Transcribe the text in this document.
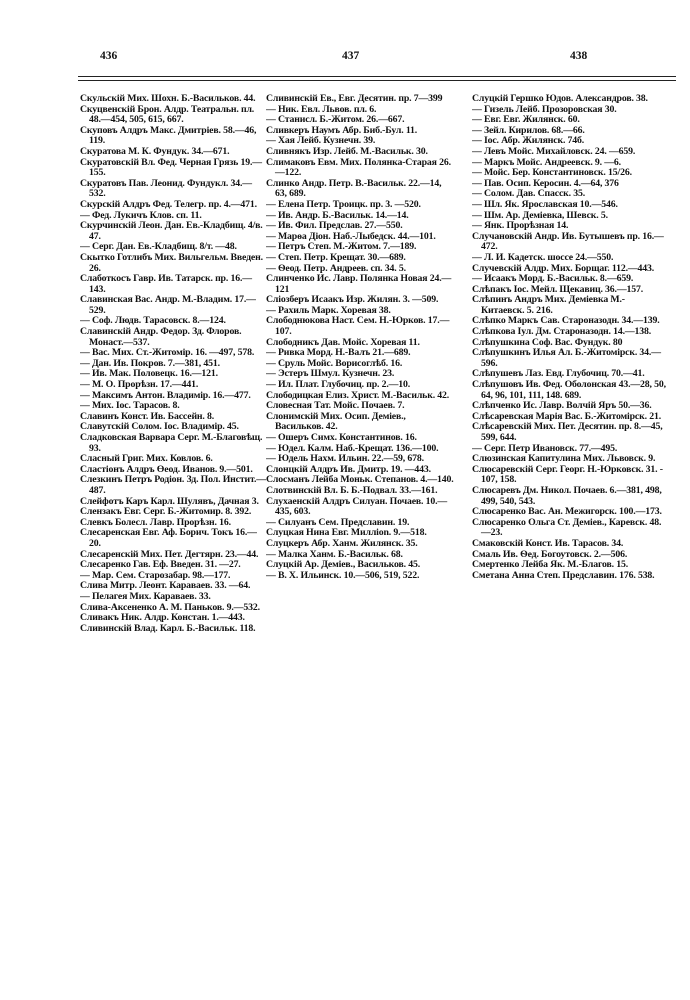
436	437	438
Скульскій Мих. Шохн. Б.-Васильков. 44.
Скуцвенскій Брон. Алдр. Театральн. пл. 48.—454, 505, 615, 667.
Скуповъ Алдръ Макс. Дмитріев. 58.—46, 119.
Скуратова М. К. Фундук. 34.—671.
Скуратовскій Вл. Фед. Черная Грязь 19.—155.
Скуратовъ Пав. Леонид. Фундукл. 34.—532.
Скурскій Алдръ Фед. Телегр. пр. 4.—471.
— Фед. Лукичъ Клов. сп. 11.
Скурчинскій Леон. Дан. Ев.-Кладбищ. 4/в. 47.
— Серг. Дан. Ев.-Кладбищ. 8/т. —48.
Скытко Готлибъ Мих. Вильгельм. Введен. 26.
Слаботкосъ Гавр. Ив. Татарск. пр. 16.—143.
Славинская Вас. Андр. М.-Владим. 17.—529.
— Соф. Людв. Тарасовск. 8.—124.
Славинскій Андр. Федор. Зд. Флоров. Монаст.—537.
— Вас. Мих. Ст.-Житомір. 16. —497, 578.
— Дан. Ив. Покров. 7.—381, 451.
— Ив. Мак. Половецк. 16.—121.
— М. О. Прорѣзн. 17.—441.
— Максимъ Антон. Владимір. 16.—477.
— Мих. Іос. Тарасов. 8.
Славинъ Конст. Ив. Бассейн. 8.
Славутскій Солом. Іос. Владимір. 45.
Сладковская Варвара Серг. М.-Благовѣщ. 93.
Сласный Григ. Мих. Ковлов. 6.
Сластіонъ Алдръ Өеод. Иванов. 9.—501.
Слезкинъ Петръ Родіон. Зд. Пол. Инстит.—487.
Слейфотъ Каръ Карл. Шулявъ, Дачная 3.
Слензакъ Евг. Серг. Б.-Житомир. 8. 392.
Слевкъ Болесл. Лавр. Прорѣзн. 16.
Слесаренская Евг. Аф. Борич. Токъ 16.—20.
Слесаренскій Мих. Пет. Дегтярн. 23.—44.
Слесаренко Гав. Еф. Введен. 31. —27.
— Мар. Сем. Старозабар. 98.—177.
Слива Митр. Леонт. Караваев. 33. —64.
— Пелагея Мих. Караваев. 33.
Слива-Аксененко А. М. Паньков. 9.—532.
Сливакъ Ник. Алдр. Констан. 1.—443.
Сливинскій Влад. Карл. Б.-Васильк. 118.
Сливинскій Ев., Евг. Десятин. пр. 7—399
— Ник. Евл. Львов. пл. 6.
— Станисл. Б.-Житом. 26.—667.
Сливкеръ Наумъ Абр. Биб.-Бул. 11.
— Хая Лейб. Кузнечн. 39.
Сливнякъ Изр. Лейб. М.-Васильк. 30.
Слимаковъ Евм. Мих. Полянка-Старая 26.—122.
Слинко Андр. Петр. В.-Васильк. 22.—14, 63, 689.
— Елена Петр. Троицк. пр. 3. —520.
— Ив. Андр. Б.-Васильк. 14.—14.
— Ив. Фил. Предслав. 27.—550.
— Марѳа Діон. Наб.-Лыбедск. 44.—101.
— Петръ Степ. М.-Житом. 7.—189.
— Степ. Петр. Крещат. 30.—689.
— Ѳеод. Петр. Андреев. сп. 34. 5.
Слинченко Ис. Лавр. Полянка Новая 24.—121
Слiозберъ Исаакъ Изр. Жилян. 3. —509.
— Рахиль Марк. Хоревая 38.
Слободнюкова Наст. Сем. Н.-Юрков. 17.—107.
Слободникъ Дав. Мойс. Хоревая 11.
— Ривка Морд. Н.-Валъ 21.—689.
— Сруль Мойс. Ворисоглѣб. 16.
— Эстеръ Шмул. Кузнечн. 23.
— Ил. Плат. Глубочиц. пр. 2.—10.
Слободицкая Елиз. Христ. М.-Васильк. 42.
Словесная Тат. Мойс. Почаев. 7.
Слонимскій Мих. Осип. Деміев., Васильков. 42.
— Ошеръ Симх. Константинов. 16.
— Юдел. Калм. Наб.-Крещат. 136.—100.
— Юдель Нахм. Ильин. 22.—59, 678.
Слонцкій Алдръ Ив. Дмитр. 19. —443.
Слосманъ Лейба Моньк. Степанов. 4.—140.
Слотвинскій Вл. Б. Б.-Подвал. 33.—161.
Слухаенскій Алдръ Силуан. Почаев. 10.—435, 603.
— Силуанъ Сем. Предславин. 19.
Слуцкая Нина Евг. Миллion. 9.—518.
Слуцкеръ Абр. Ханм. Жилянск. 35.
— Малка Ханм. Б.-Васильк. 68.
Слуцкій Ар. Деміев., Васильков. 45.
— В. Х. Ильинск. 10.—506, 519, 522.
Слуцкій Гершко Юдов. Александров. 38.
— Гизель Лейб. Прозоровская 30.
— Евг. Евг. Жилянск. 60.
— Зейл. Кирилов. 68.—66.
— Іос. Абр. Жилянск. 74б.
— Левъ Мойс. Михайловск. 24. —659.
— Маркъ Мойс. Андреевск. 9. —6.
— Мойс. Бер. Константиновск. 15/26.
— Пав. Осип. Керосин. 4.—64, 376
— Солом. Дав. Спасск. 35.
— Шл. Як. Ярославская 10.—546.
— Шм. Ар. Деміевка, Шевск. 5.
— Янк. Прорѣзная 14.
Случановскій Андр. Ив. Бутышевъ пр. 16.—472.
— Л. И. Кадетск. шоссе 24.—550.
Случевскій Алдр. Мих. Борщаг. 112.—443.
— Исаакъ Морд. Б.-Васильк. 8.—659.
Слѣпакъ Іос. Мейл. Щекавиц. 36.—157.
Слѣпинъ Андръ Мих. Деміевка М.-Китаевск. 5. 216.
Слѣпко Маркъ Сав. Староназодн. 34.—139.
Слѣпкова Іул. Дм. Староназодн. 14.—138.
Слѣпушкина Соф. Вас. Фундук. 80
Слѣпушкинъ Илья Ал. Б.-Житомірск. 34.—596.
Слѣпушевъ Лаз. Евд. Глубочиц. 70.—41.
Слѣпушовъ Ив. Фед. Оболонская 43.—28, 50, 64, 96, 101, 111, 148. 689.
Слѣпченко Ис. Лавр. Волчій Яръ 50.—36.
Слѣсаревская Марія Вас. Б.-Житомірск. 21.
Слѣсаревскій Мих. Пет. Десятин. пр. 8.—45, 599, 644.
— Серг. Петр Ивановск. 77.—495.
Слюзинская Капитулина Мих. Львовск. 9.
Слюсаревскій Серг. Георг. Н.-Юрковск. 31. - 107, 158.
Слюсаревъ Дм. Никол. Почаев. 6.—381, 498, 499, 540, 543.
Слюсаренко Вас. Ан. Межигорск. 100.—173.
Слюсаренко Ольга Ст. Деміев., Каревск. 48.—23.
Смаковскій Конст. Ив. Тарасов. 34.
Смаль Ив. Ѳед. Богоутовск. 2.—506.
Смертенко Лейба Як. М.-Благов. 15.
Сметана Анна Степ. Предславин. 176. 538.
